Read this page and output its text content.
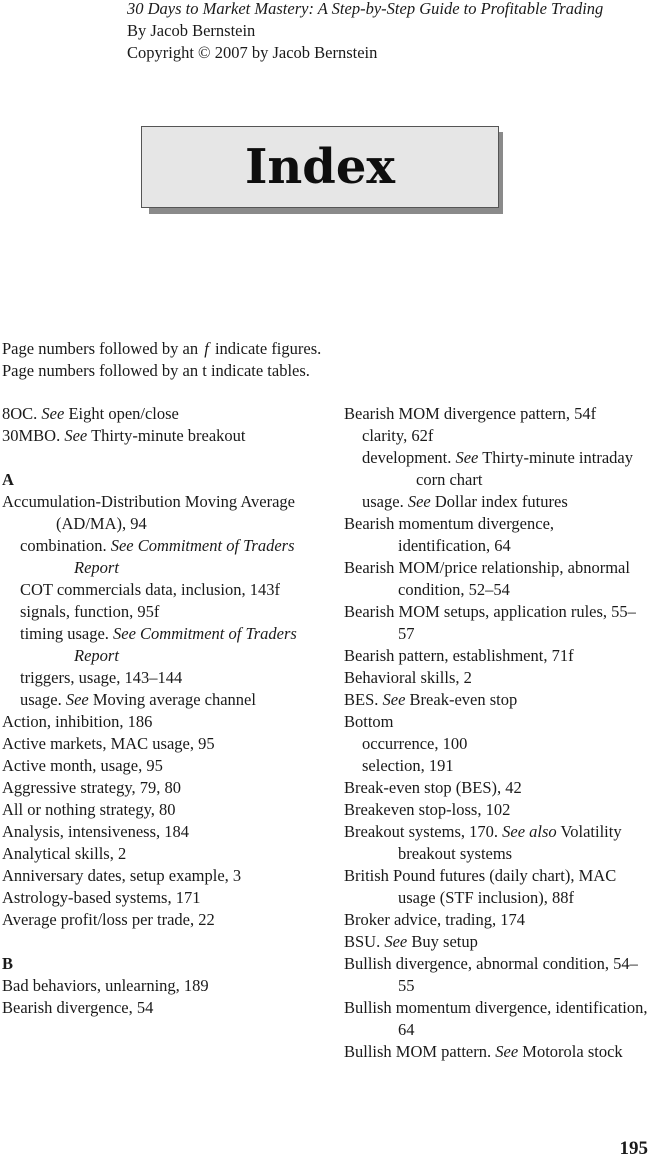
30 Days to Market Mastery: A Step-by-Step Guide to Profitable Trading
By Jacob Bernstein
Copyright © 2007 by Jacob Bernstein
Index
Page numbers followed by an f indicate figures.
Page numbers followed by an t indicate tables.
8OC. See Eight open/close
30MBO. See Thirty-minute breakout
A
Accumulation-Distribution Moving Average (AD/MA), 94
combination. See Commitment of Traders Report
COT commercials data, inclusion, 143f
signals, function, 95f
timing usage. See Commitment of Traders Report
triggers, usage, 143–144
usage. See Moving average channel
Action, inhibition, 186
Active markets, MAC usage, 95
Active month, usage, 95
Aggressive strategy, 79, 80
All or nothing strategy, 80
Analysis, intensiveness, 184
Analytical skills, 2
Anniversary dates, setup example, 3
Astrology-based systems, 171
Average profit/loss per trade, 22
B
Bad behaviors, unlearning, 189
Bearish divergence, 54
Bearish MOM divergence pattern, 54f
clarity, 62f
development. See Thirty-minute intraday corn chart
usage. See Dollar index futures
Bearish momentum divergence, identification, 64
Bearish MOM/price relationship, abnormal condition, 52–54
Bearish MOM setups, application rules, 55–57
Bearish pattern, establishment, 71f
Behavioral skills, 2
BES. See Break-even stop
Bottom
occurrence, 100
selection, 191
Break-even stop (BES), 42
Breakeven stop-loss, 102
Breakout systems, 170. See also Volatility breakout systems
British Pound futures (daily chart), MAC usage (STF inclusion), 88f
Broker advice, trading, 174
BSU. See Buy setup
Bullish divergence, abnormal condition, 54–55
Bullish momentum divergence, identification, 64
Bullish MOM pattern. See Motorola stock
195
